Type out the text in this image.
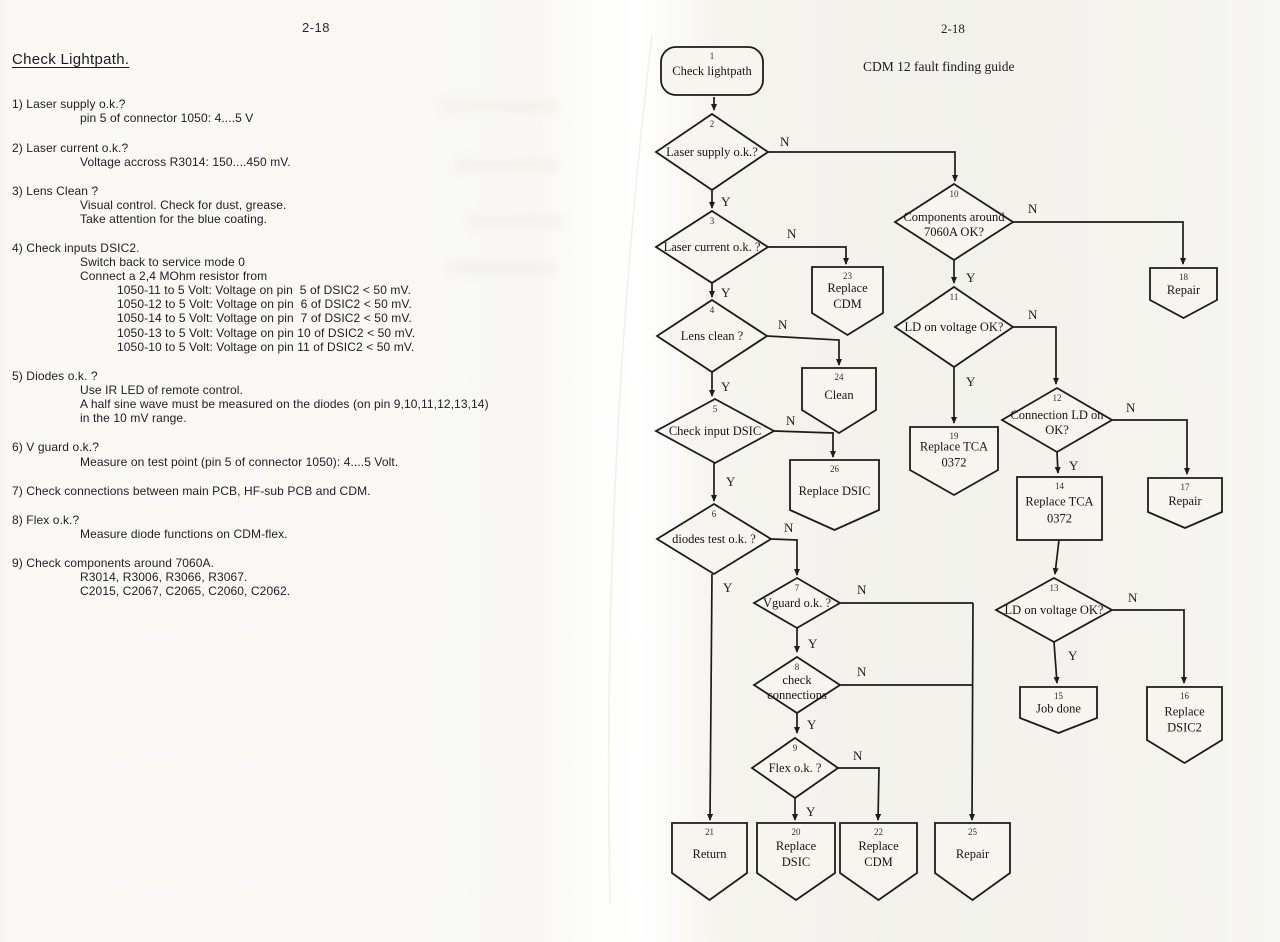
2-18	2-18
Check Lightpath.
1) Laser supply o.k.?
pin 5 of connector 1050: 4....5 V
2) Laser current o.k.?
Voltage accross R3014: 150....450 mV.
3) Lens Clean ?
Visual control. Check for dust, grease.
Take attention for the blue coating.
4) Check inputs DSIC2.
Switch back to service mode 0
Connect a 2,4 MOhm resistor from
1050-11 to 5 Volt: Voltage on pin  5 of DSIC2 < 50 mV.
1050-12 to 5 Volt: Voltage on pin  6 of DSIC2 < 50 mV.
1050-14 to 5 Volt: Voltage on pin  7 of DSIC2 < 50 mV.
1050-13 to 5 Volt: Voltage on pin 10 of DSIC2 < 50 mV.
1050-10 to 5 Volt: Voltage on pin 11 of DSIC2 < 50 mV.
5) Diodes o.k. ?
Use IR LED of remote control.
A half sine wave must be measured on the diodes (on pin 9,10,11,12,13,14)
in the 10 mV range.
6) V guard o.k.?
Measure on test point (pin 5 of connector 1050): 4....5 Volt.
7) Check connections between main PCB, HF-sub PCB and CDM.
8) Flex o.k.?
Measure diode functions on CDM-flex.
9) Check components around 7060A.
R3014, R3006, R3066, R3067.
C2015, C2067, C2065, C2060, C2062.
CDM 12 fault finding guide
Y
N
Y
N
Y
N
Y
N
Y
N
Y
N
Y
N
Y
N
Y
N
Y
N
Y
N
Y
N
1
Check lightpath
2
Laser supply o.k.?
3
Laser current o.k. ?
4
Lens clean ?
5
Check input DSIC
6
diodes test o.k. ?
7
Vguard o.k. ?
8
check
connections
9
Flex o.k. ?
10
Components around
7060A OK?
11
LD on voltage OK?
12
Connection LD on
OK?
13
LD on voltage OK?
14
Replace TCA
0372
19
Replace TCA
0372
23
Replace
CDM
24
Clean
26
Replace DSIC
18
Repair
17
Repair
15
Job done
16
Replace
DSIC2
21
Return
20
Replace
DSIC
22
Replace
CDM
25
Repair
